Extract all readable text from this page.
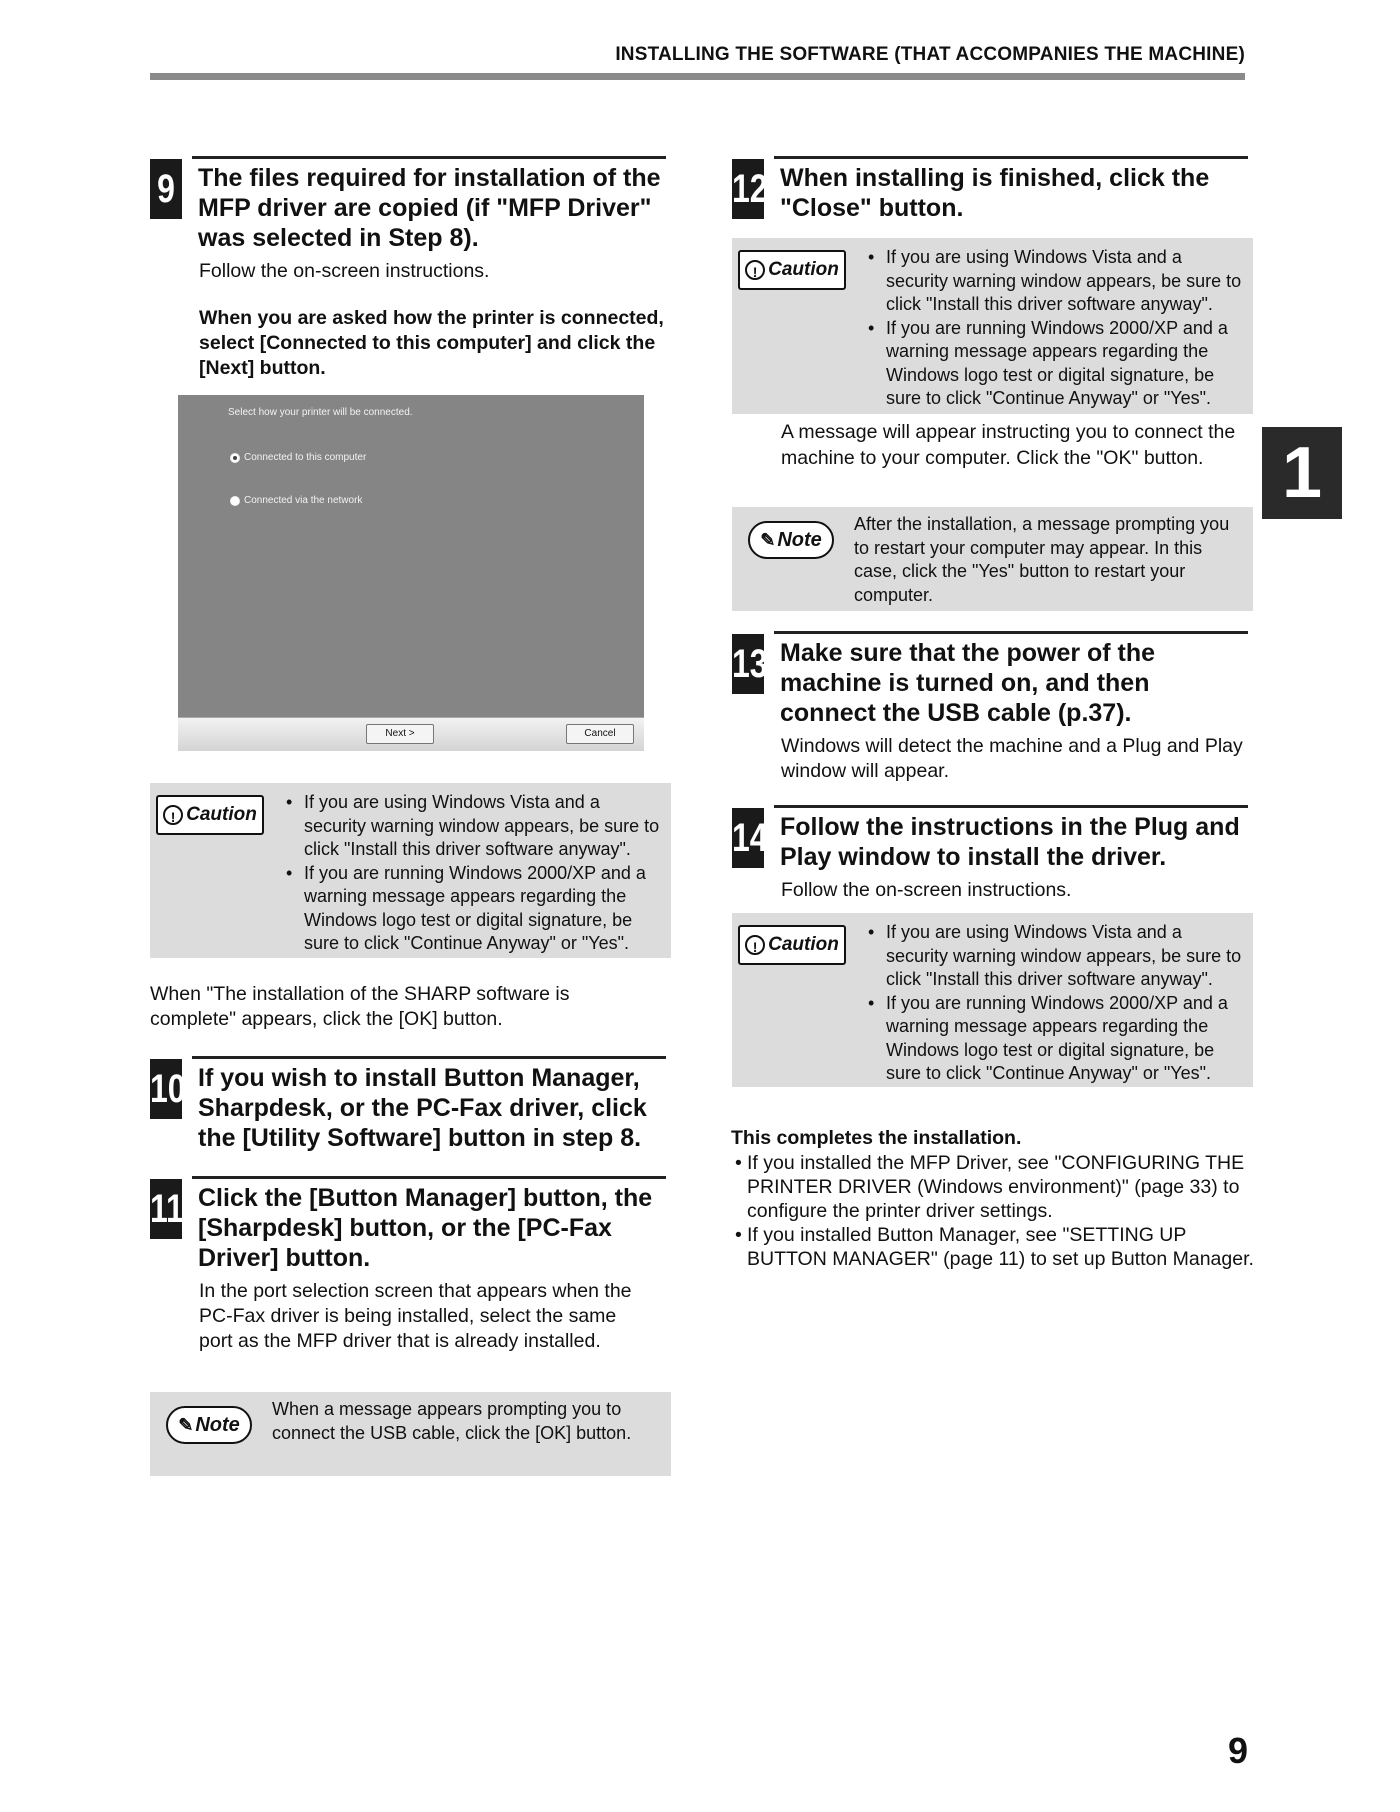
INSTALLING THE SOFTWARE (THAT ACCOMPANIES THE MACHINE)
9 The files required for installation of the MFP driver are copied (if "MFP Driver" was selected in Step 8).
Follow the on-screen instructions.
When you are asked how the printer is connected, select [Connected to this computer] and click the [Next] button.
Select how your printer will be connected.
Connected to this computer
Connected via the network
Next >	Cancel
! Caution
• If you are using Windows Vista and a security warning window appears, be sure to click "Install this driver software anyway".
• If you are running Windows 2000/XP and a warning message appears regarding the Windows logo test or digital signature, be sure to click "Continue Anyway" or "Yes".
When "The installation of the SHARP software is complete" appears, click the [OK] button.
10 If you wish to install Button Manager, Sharpdesk, or the PC-Fax driver, click the [Utility Software] button in step 8.
11 Click the [Button Manager] button, the [Sharpdesk] button, or the [PC-Fax Driver] button.
In the port selection screen that appears when the PC-Fax driver is being installed, select the same port as the MFP driver that is already installed.
✎ Note
When a message appears prompting you to connect the USB cable, click the [OK] button.
12 When installing is finished, click the "Close" button.
! Caution
• If you are using Windows Vista and a security warning window appears, be sure to click "Install this driver software anyway".
• If you are running Windows 2000/XP and a warning message appears regarding the Windows logo test or digital signature, be sure to click "Continue Anyway" or "Yes".
A message will appear instructing you to connect the machine to your computer. Click the "OK" button.
✎ Note
After the installation, a message prompting you to restart your computer may appear. In this case, click the "Yes" button to restart your computer.
13 Make sure that the power of the machine is turned on, and then connect the USB cable (p.37).
Windows will detect the machine and a Plug and Play window will appear.
14 Follow the instructions in the Plug and Play window to install the driver.
Follow the on-screen instructions.
! Caution
• If you are using Windows Vista and a security warning window appears, be sure to click "Install this driver software anyway".
• If you are running Windows 2000/XP and a warning message appears regarding the Windows logo test or digital signature, be sure to click "Continue Anyway" or "Yes".
This completes the installation.
• If you installed the MFP Driver, see "CONFIGURING THE PRINTER DRIVER (Windows environment)" (page 33) to configure the printer driver settings.
• If you installed Button Manager, see "SETTING UP BUTTON MANAGER" (page 11) to set up Button Manager.
1
9
